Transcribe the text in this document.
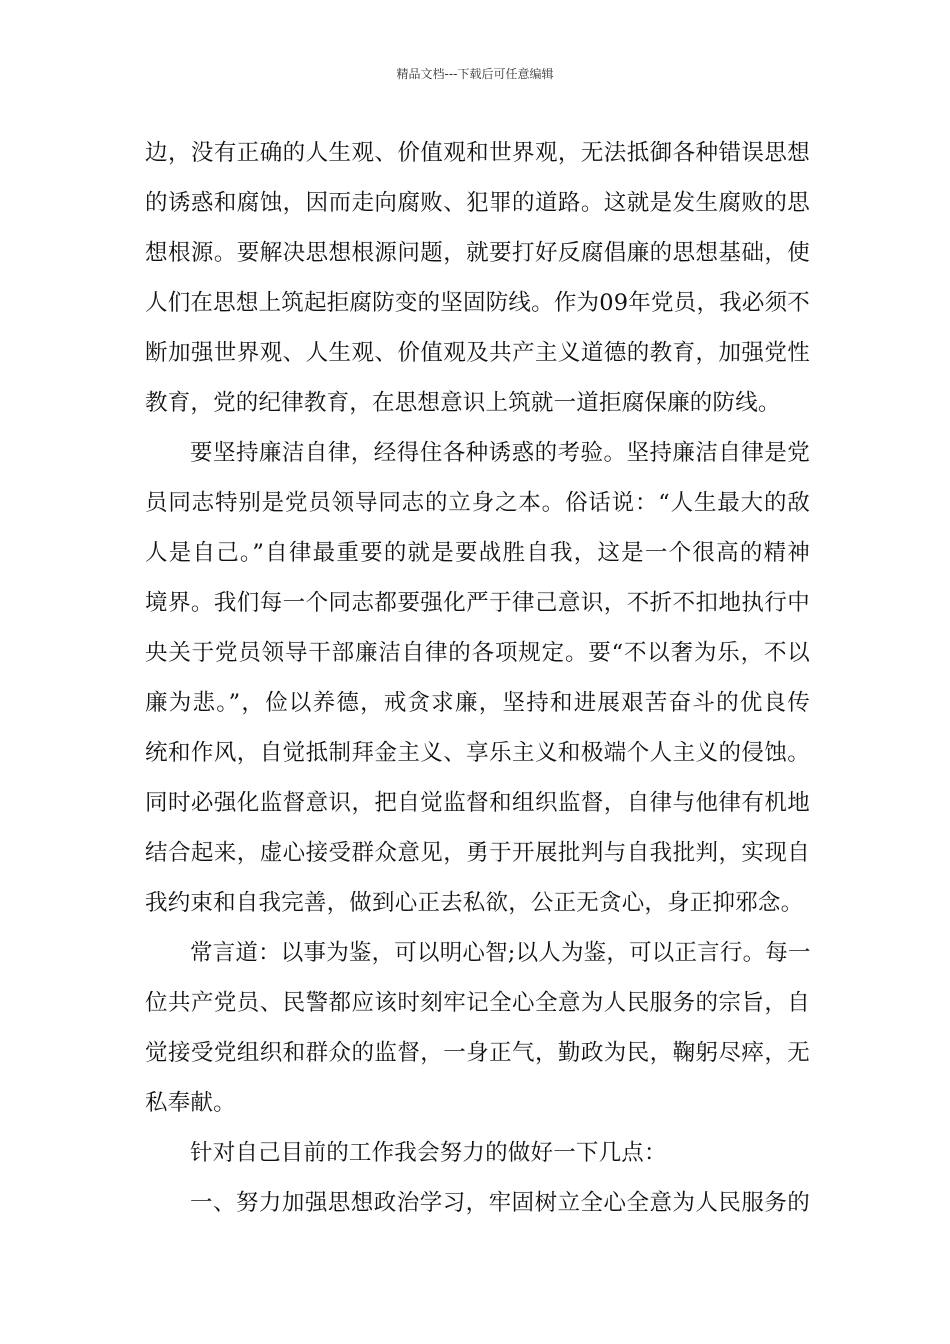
精品文档---下载后可任意编辑
边，没有正确的人生观、价值观和世界观，无法抵御各种错误思想
的诱惑和腐蚀，因而走向腐败、犯罪的道路。这就是发生腐败的思
想根源。要解决思想根源问题，就要打好反腐倡廉的思想基础，使
人们在思想上筑起拒腐防变的坚固防线。作为09年党员，我必须不
断加强世界观、人生观、价值观及共产主义道德的教育，加强党性
教育，党的纪律教育，在思想意识上筑就一道拒腐保廉的防线。
要坚持廉洁自律，经得住各种诱惑的考验。坚持廉洁自律是党
员同志特别是党员领导同志的立身之本。俗话说：“人生最大的敌
人是自己。”自律最重要的就是要战胜自我，这是一个很高的精神
境界。我们每一个同志都要强化严于律己意识，不折不扣地执行中
央关于党员领导干部廉洁自律的各项规定。要“不以奢为乐，不以
廉为悲。”，俭以养德，戒贪求廉，坚持和进展艰苦奋斗的优良传
统和作风，自觉抵制拜金主义、享乐主义和极端个人主义的侵蚀。
同时必强化监督意识，把自觉监督和组织监督，自律与他律有机地
结合起来，虚心接受群众意见，勇于开展批判与自我批判，实现自
我约束和自我完善，做到心正去私欲，公正无贪心，身正抑邪念。
常言道：以事为鉴，可以明心智;以人为鉴，可以正言行。每一
位共产党员、民警都应该时刻牢记全心全意为人民服务的宗旨，自
觉接受党组织和群众的监督，一身正气，勤政为民，鞠躬尽瘁，无
私奉献。
针对自己目前的工作我会努力的做好一下几点：
一、努力加强思想政治学习，牢固树立全心全意为人民服务的
